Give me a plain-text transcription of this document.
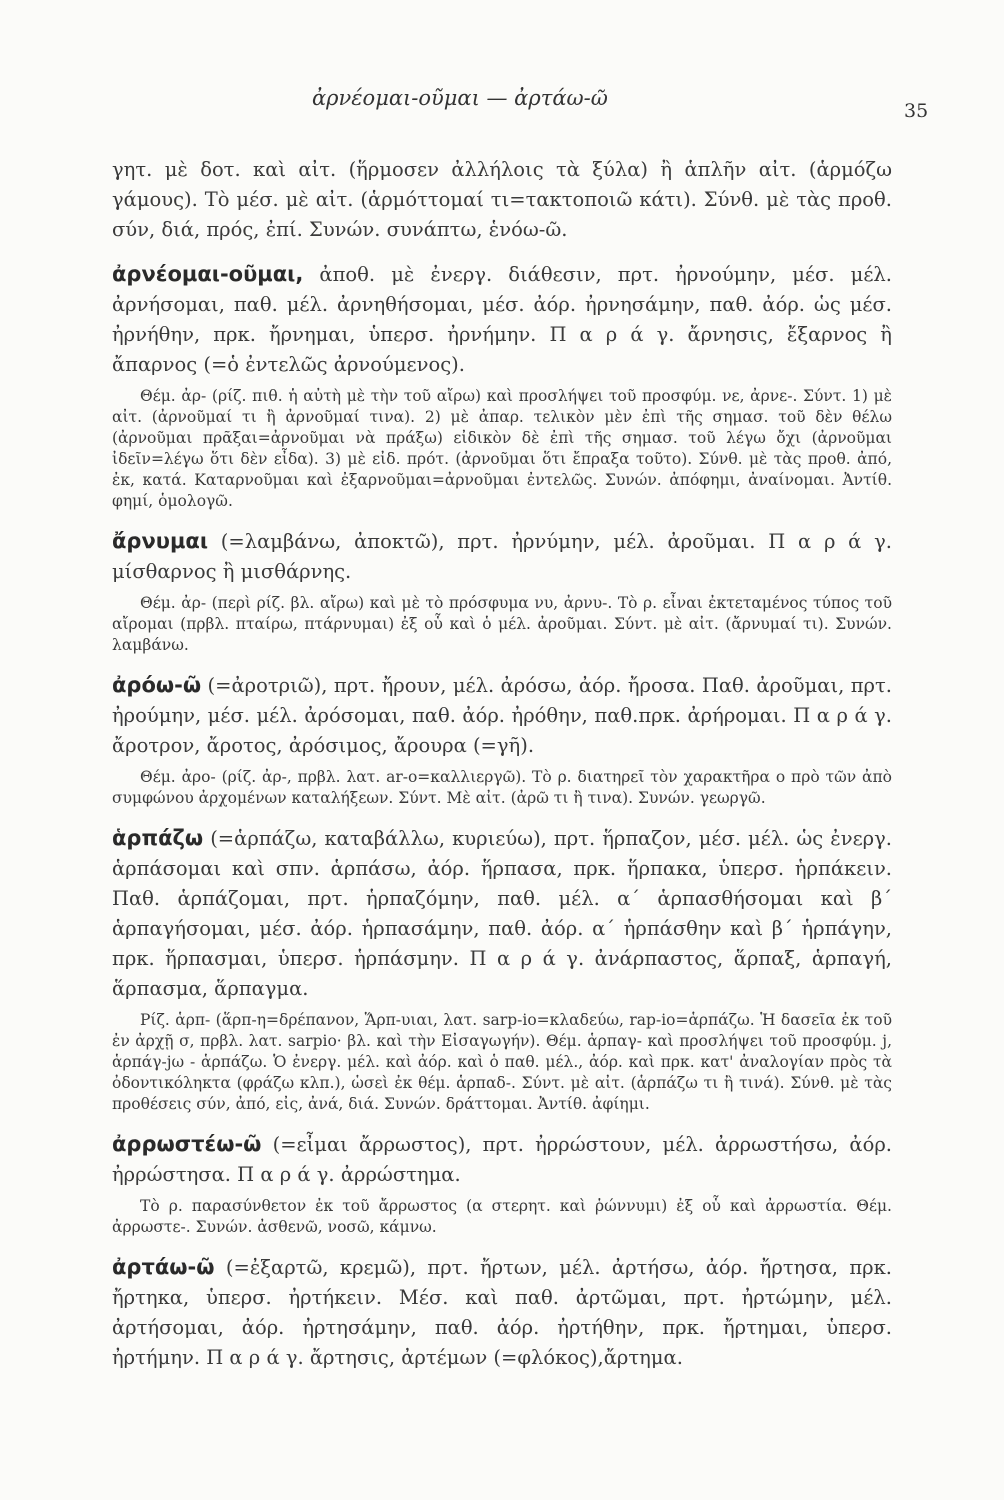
ἀρνέομαι-οῦμαι — ἀρτάω-ῶ
35

γητ. μὲ δοτ. καὶ αἰτ. (ἥρμοσεν ἀλλήλοις τὰ ξύλα) ἢ ἁπλῆν αἰτ. (ἁρμόζω γάμους). Τὸ μέσ. μὲ αἰτ. (ἁρμόττομαί τι=τακτοποιῶ κάτι). Σύνθ. μὲ τὰς προθ. σύν, διά, πρός, ἐπί. Συνών. συνάπτω, ἑνόω-ῶ.

ἀρνέομαι-οῦμαι, ἀποθ. μὲ ἐνεργ. διάθεσιν, πρτ. ἠρνούμην, μέσ. μέλ. ἀρνήσομαι, παθ. μέλ. ἀρνηθήσομαι, μέσ. ἀόρ. ἠρνησάμην, παθ. ἀόρ. ὡς μέσ. ἠρνήθην, πρκ. ἤρνημαι, ὑπερσ. ἠρνήμην. Π α ρ ά γ. ἄρνησις, ἔξαρνος ἢ ἄπαρνος (=ὁ ἐντελῶς ἀρνούμενος).

Θέμ. ἀρ- (ρίζ. πιθ. ἡ αὐτὴ μὲ τὴν τοῦ αἴρω) καὶ προσλήψει τοῦ προσφύμ. νε, ἀρνε-. Σύντ. 1) μὲ αἰτ. (ἀρνοῦμαί τι ἢ ἀρνοῦμαί τινα). 2) μὲ ἀπαρ. τελικὸν μὲν ἐπὶ τῆς σημασ. τοῦ δὲν θέλω (ἀρνοῦμαι πρᾶξαι=ἀρνοῦμαι νὰ πράξω) εἰδικὸν δὲ ἐπὶ τῆς σημασ. τοῦ λέγω ὄχι (ἀρνοῦμαι ἰδεῖν=λέγω ὅτι δὲν εἶδα). 3) μὲ εἰδ. πρότ. (ἀρνοῦμαι ὅτι ἔπραξα τοῦτο). Σύνθ. μὲ τὰς προθ. ἀπό, ἐκ, κατά. Καταρνοῦμαι καὶ ἐξαρνοῦμαι=ἀρνοῦμαι ἐντελῶς. Συνών. ἀπόφημι, ἀναίνομαι. Ἀντίθ. φημί, ὁμολογῶ.

ἄρνυμαι (=λαμβάνω, ἀποκτῶ), πρτ. ἠρνύμην, μέλ. ἀροῦμαι. Π α ρ ά γ. μίσθαρνος ἢ μισθάρνης.

Θέμ. ἀρ- (περὶ ρίζ. βλ. αἴρω) καὶ μὲ τὸ πρόσφυμα νυ, ἀρνυ-. Τὸ ρ. εἶναι ἐκτεταμένος τύπος τοῦ αἴρομαι (πρβλ. πταίρω, πτάρνυμαι) ἐξ οὗ καὶ ὁ μέλ. ἀροῦμαι. Σύντ. μὲ αἰτ. (ἄρνυμαί τι). Συνών. λαμβάνω.

ἀρόω-ῶ (=ἀροτριῶ), πρτ. ἤρουν, μέλ. ἀρόσω, ἀόρ. ἤροσα. Παθ. ἀροῦμαι, πρτ. ἠρούμην, μέσ. μέλ. ἀρόσομαι, παθ. ἀόρ. ἠρόθην, παθ.πρκ. ἀρήρομαι. Π α ρ ά γ. ἄροτρον, ἄροτος, ἀρόσιμος, ἄρουρα (=γῆ).

Θέμ. ἀρο- (ρίζ. ἀρ-, πρβλ. λατ. ar-o=καλλιεργῶ). Τὸ ρ. διατηρεῖ τὸν χαρακτῆρα ο πρὸ τῶν ἀπὸ συμφώνου ἀρχομένων καταλήξεων. Σύντ. Μὲ αἰτ. (ἀρῶ τι ἢ τινα). Συνών. γεωργῶ.

ἁρπάζω (=ἁρπάζω, καταβάλλω, κυριεύω), πρτ. ἥρπαζον, μέσ. μέλ. ὡς ἐνεργ. ἁρπάσομαι καὶ σπν. ἁρπάσω, ἀόρ. ἥρπασα, πρκ. ἥρπακα, ὑπερσ. ἡρπάκειν. Παθ. ἁρπάζομαι, πρτ. ἡρπαζόμην, παθ. μέλ. α΄ ἁρπασθήσομαι καὶ β΄ ἁρπαγήσομαι, μέσ. ἀόρ. ἡρπασάμην, παθ. ἀόρ. α΄ ἡρπάσθην καὶ β΄ ἡρπάγην, πρκ. ἥρπασμαι, ὑπερσ. ἡρπάσμην. Π α ρ ά γ. ἀνάρπαστος, ἅρπαξ, ἁρπαγή, ἅρπασμα, ἅρπαγμα.

Ρίζ. ἁρπ- (ἅρπ-η=δρέπανον, Ἅρπ-υιαι, λατ. sarp-io=κλαδεύω, rap-io=ἁρπάζω. Ἡ δασεῖα ἐκ τοῦ ἐν ἀρχῇ σ, πρβλ. λατ. sarpio· βλ. καὶ τὴν Εἰσαγωγήν). Θέμ. ἁρπαγ- καὶ προσλήψει τοῦ προσφύμ. j, ἁρπάγ-jω - ἁρπάζω. Ὁ ἐνεργ. μέλ. καὶ ἀόρ. καὶ ὁ παθ. μέλ., ἀόρ. καὶ πρκ. κατ' ἀναλογίαν πρὸς τὰ ὀδοντικόληκτα (φράζω κλπ.), ὡσεὶ ἐκ θέμ. ἁρπαδ-. Σύντ. μὲ αἰτ. (ἁρπάζω τι ἢ τινά). Σύνθ. μὲ τὰς προθέσεις σύν, ἀπό, εἰς, ἀνά, διά. Συνών. δράττομαι. Ἀντίθ. ἀφίημι.

ἀρρωστέω-ῶ (=εἶμαι ἄρρωστος), πρτ. ἠρρώστουν, μέλ. ἀρρωστήσω, ἀόρ. ἠρρώστησα. Π α ρ ά γ. ἀρρώστημα.

Τὸ ρ. παρασύνθετον ἐκ τοῦ ἄρρωστος (α στερητ. καὶ ῥώννυμι) ἐξ οὗ καὶ ἀρρωστία. Θέμ. ἀρρωστε-. Συνών. ἀσθενῶ, νοσῶ, κάμνω.

ἀρτάω-ῶ (=ἐξαρτῶ, κρεμῶ), πρτ. ἤρτων, μέλ. ἀρτήσω, ἀόρ. ἤρτησα, πρκ. ἤρτηκα, ὑπερσ. ἠρτήκειν. Μέσ. καὶ παθ. ἀρτῶμαι, πρτ. ἠρτώμην, μέλ. ἀρτήσομαι, ἀόρ. ἠρτησάμην, παθ. ἀόρ. ἠρτήθην, πρκ. ἤρτημαι, ὑπερσ. ἠρτήμην. Π α ρ ά γ. ἄρτησις, ἀρτέμων (=φλόκος),ἄρτημα.
